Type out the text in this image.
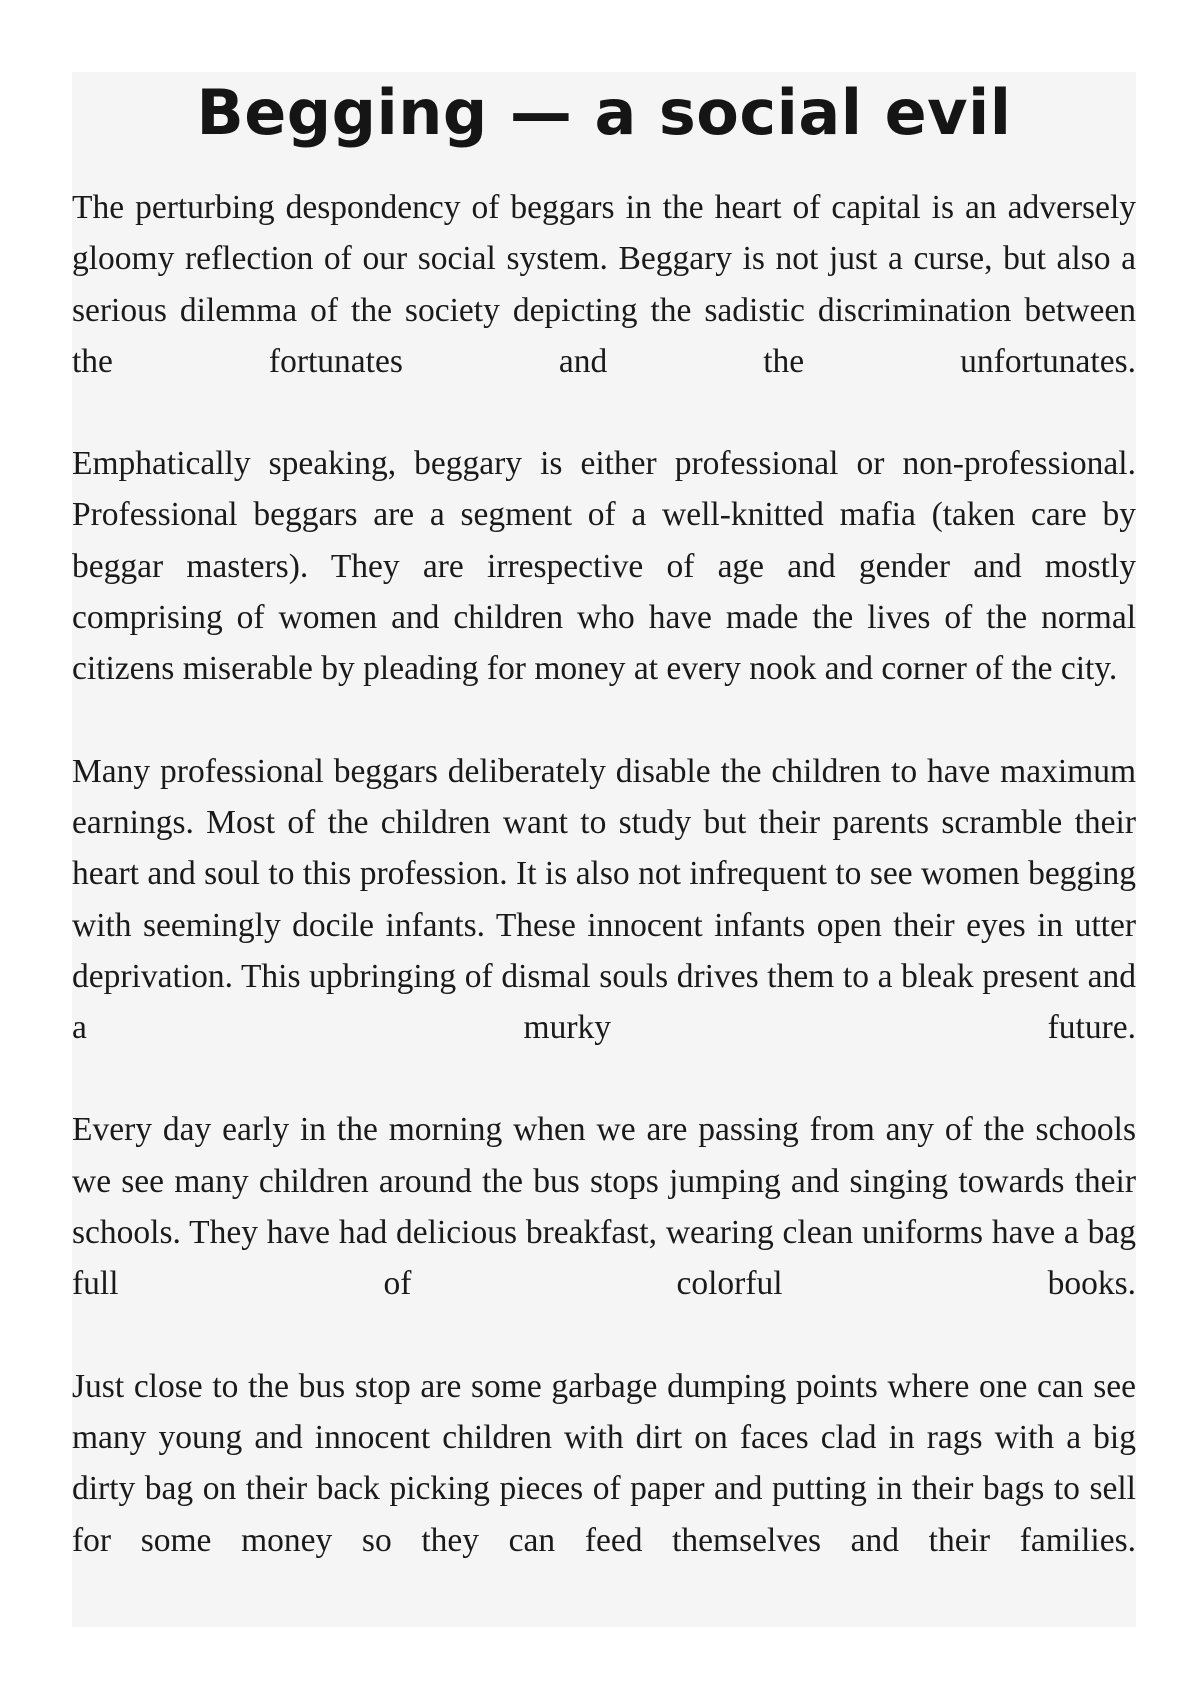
Begging — a social evil

The perturbing despondency of beggars in the heart of capital is an adversely gloomy reflection of our social system. Beggary is not just a curse, but also a serious dilemma of the society depicting the sadistic discrimination between the fortunates and the unfortunates.

Emphatically speaking, beggary is either professional or non-professional. Professional beggars are a segment of a well-knitted mafia (taken care by beggar masters). They are irrespective of age and gender and mostly comprising of women and children who have made the lives of the normal citizens miserable by pleading for money at every nook and corner of the city.

Many professional beggars deliberately disable the children to have maximum earnings. Most of the children want to study but their parents scramble their heart and soul to this profession. It is also not infrequent to see women begging with seemingly docile infants. These innocent infants open their eyes in utter deprivation. This upbringing of dismal souls drives them to a bleak present and a murky future.

Every day early in the morning when we are passing from any of the schools we see many children around the bus stops jumping and singing towards their schools. They have had delicious breakfast, wearing clean uniforms have a bag full of colorful books.

Just close to the bus stop are some garbage dumping points where one can see many young and innocent children with dirt on faces clad in rags with a big dirty bag on their back picking pieces of paper and putting in their bags to sell for some money so they can feed themselves and their families.
